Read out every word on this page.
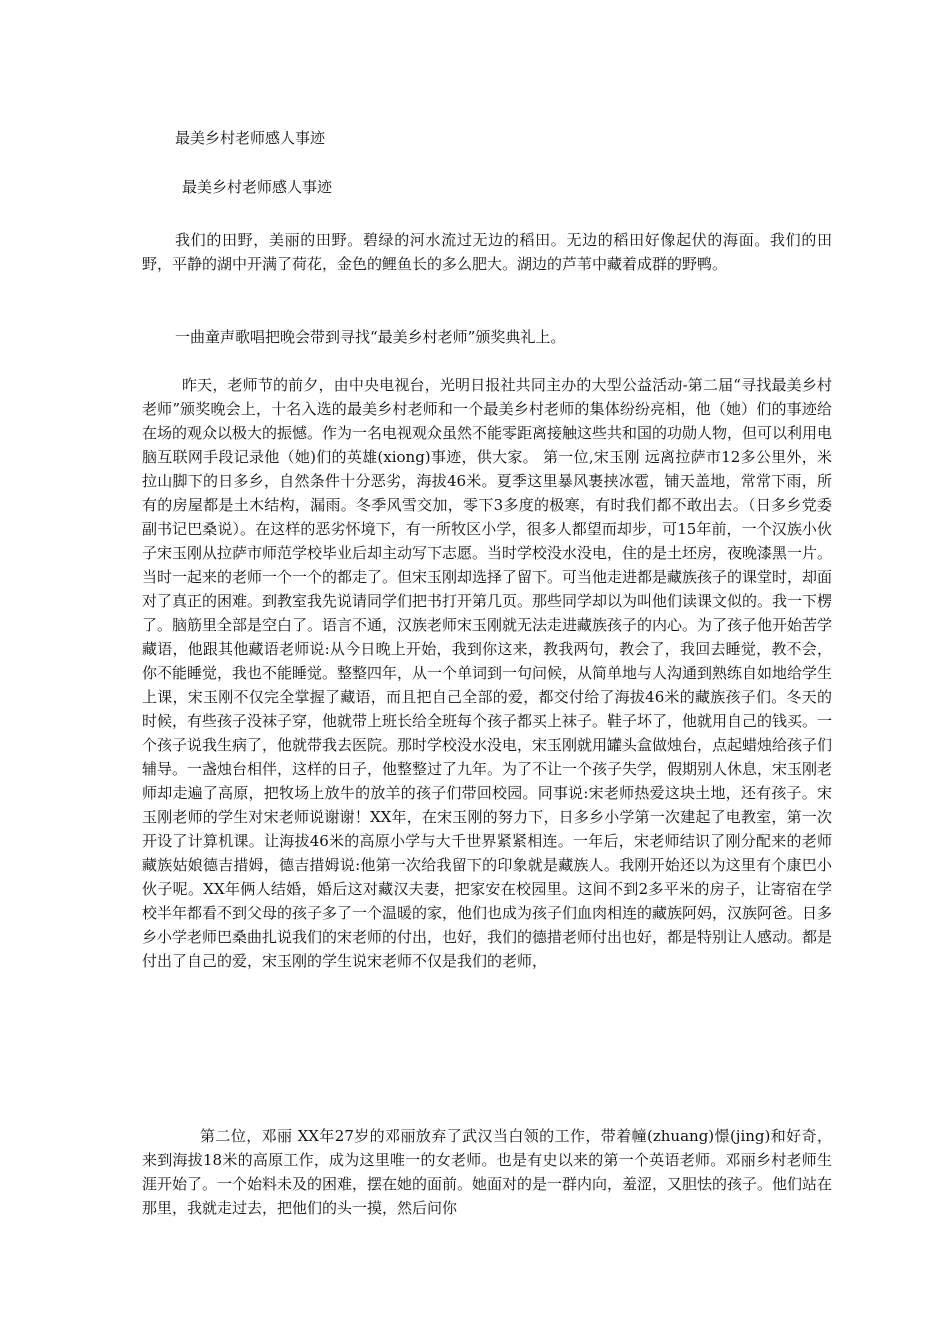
最美乡村老师感人事迹
最美乡村老师感人事迹

我们的田野，美丽的田野。碧绿的河水流过无边的稻田。无边的稻田好像起伏的海面。我们的田野，平静的湖中开满了荷花，金色的鲤鱼长的多么肥大。湖边的芦苇中藏着成群的野鸭。

一曲童声歌唱把晚会带到寻找“最美乡村老师”颁奖典礼上。

昨天，老师节的前夕，由中央电视台，光明日报社共同主办的大型公益活动-第二届“寻找最美乡村老师”颁奖晚会上，十名入选的最美乡村老师和一个最美乡村老师的集体纷纷亮相，他（她）们的事迹给在场的观众以极大的振憾。作为一名电视观众虽然不能零距离接触这些共和国的功勋人物，但可以利用电脑互联网手段记录他（她)们的英雄(xiong)事迹，供大家。 第一位,宋玉刚 远离拉萨市12多公里外，米拉山脚下的日多乡，自然条件十分恶劣，海拔46米。夏季这里暴风裹挟冰雹，铺天盖地，常常下雨，所有的房屋都是土木结构，漏雨。冬季风雪交加，零下3多度的极寒，有时我们都不敢出去。（日多乡党委副书记巴桑说）。在这样的恶劣怀境下，有一所牧区小学，很多人都望而却步，可15年前，一个汉族小伙子宋玉刚从拉萨市师范学校毕业后却主动写下志愿。当时学校没水没电，住的是土坯房，夜晚漆黑一片。当时一起来的老师一个一个的都走了。但宋玉刚却选择了留下。可当他走进都是藏族孩子的课堂时，却面对了真正的困难。到教室我先说请同学们把书打开第几页。那些同学却以为叫他们读课文似的。我一下楞了。脑筋里全部是空白了。语言不通，汉族老师宋玉刚就无法走进藏族孩子的内心。为了孩子他开始苦学藏语，他跟其他藏语老师说:从今日晚上开始，我到你这来，教我两句，教会了，我回去睡觉，教不会，你不能睡觉，我也不能睡觉。整整四年，从一个单词到一句问候，从简单地与人沟通到熟练自如地给学生上课，宋玉刚不仅完全掌握了藏语，而且把自己全部的爱，都交付给了海拔46米的藏族孩子们。冬天的时候，有些孩子没袜子穿，他就带上班长给全班每个孩子都买上袜子。鞋子坏了，他就用自己的钱买。一个孩子说我生病了，他就带我去医院。那时学校没水没电，宋玉刚就用罐头盒做烛台，点起蜡烛给孩子们辅导。一盏烛台相伴，这样的日子，他整整过了九年。为了不让一个孩子失学，假期别人休息，宋玉刚老师却走遍了高原，把牧场上放牛的放羊的孩子们带回校园。同事说:宋老师热爱这块土地，还有孩子。宋玉刚老师的学生对宋老师说谢谢！XX年，在宋玉刚的努力下，日多乡小学第一次建起了电教室，第一次开设了计算机课。让海拔46米的高原小学与大千世界紧紧相连。一年后，宋老师结识了刚分配来的老师藏族姑娘德吉措姆，德吉措姆说:他第一次给我留下的印象就是藏族人。我刚开始还以为这里有个康巴小伙子呢。XX年俩人结婚，婚后这对藏汉夫妻，把家安在校园里。这间不到2多平米的房子，让寄宿在学校半年都看不到父母的孩子多了一个温暖的家，他们也成为孩子们血肉相连的藏族阿妈，汉族阿爸。日多乡小学老师巴桑曲扎说我们的宋老师的付出，也好，我们的德措老师付出也好，都是特别让人感动。都是付出了自己的爱，宋玉刚的学生说宋老师不仅是我们的老师，

第二位，邓丽 XX年27岁的邓丽放弃了武汉当白领的工作，带着幢(zhuang)憬(jing)和好奇，来到海拔18米的高原工作，成为这里唯一的女老师。也是有史以来的第一个英语老师。邓丽乡村老师生涯开始了。一个始料未及的困难，摆在她的面前。她面对的是一群内向，羞涩，又胆怯的孩子。他们站在那里，我就走过去，把他们的头一摸，然后问你
